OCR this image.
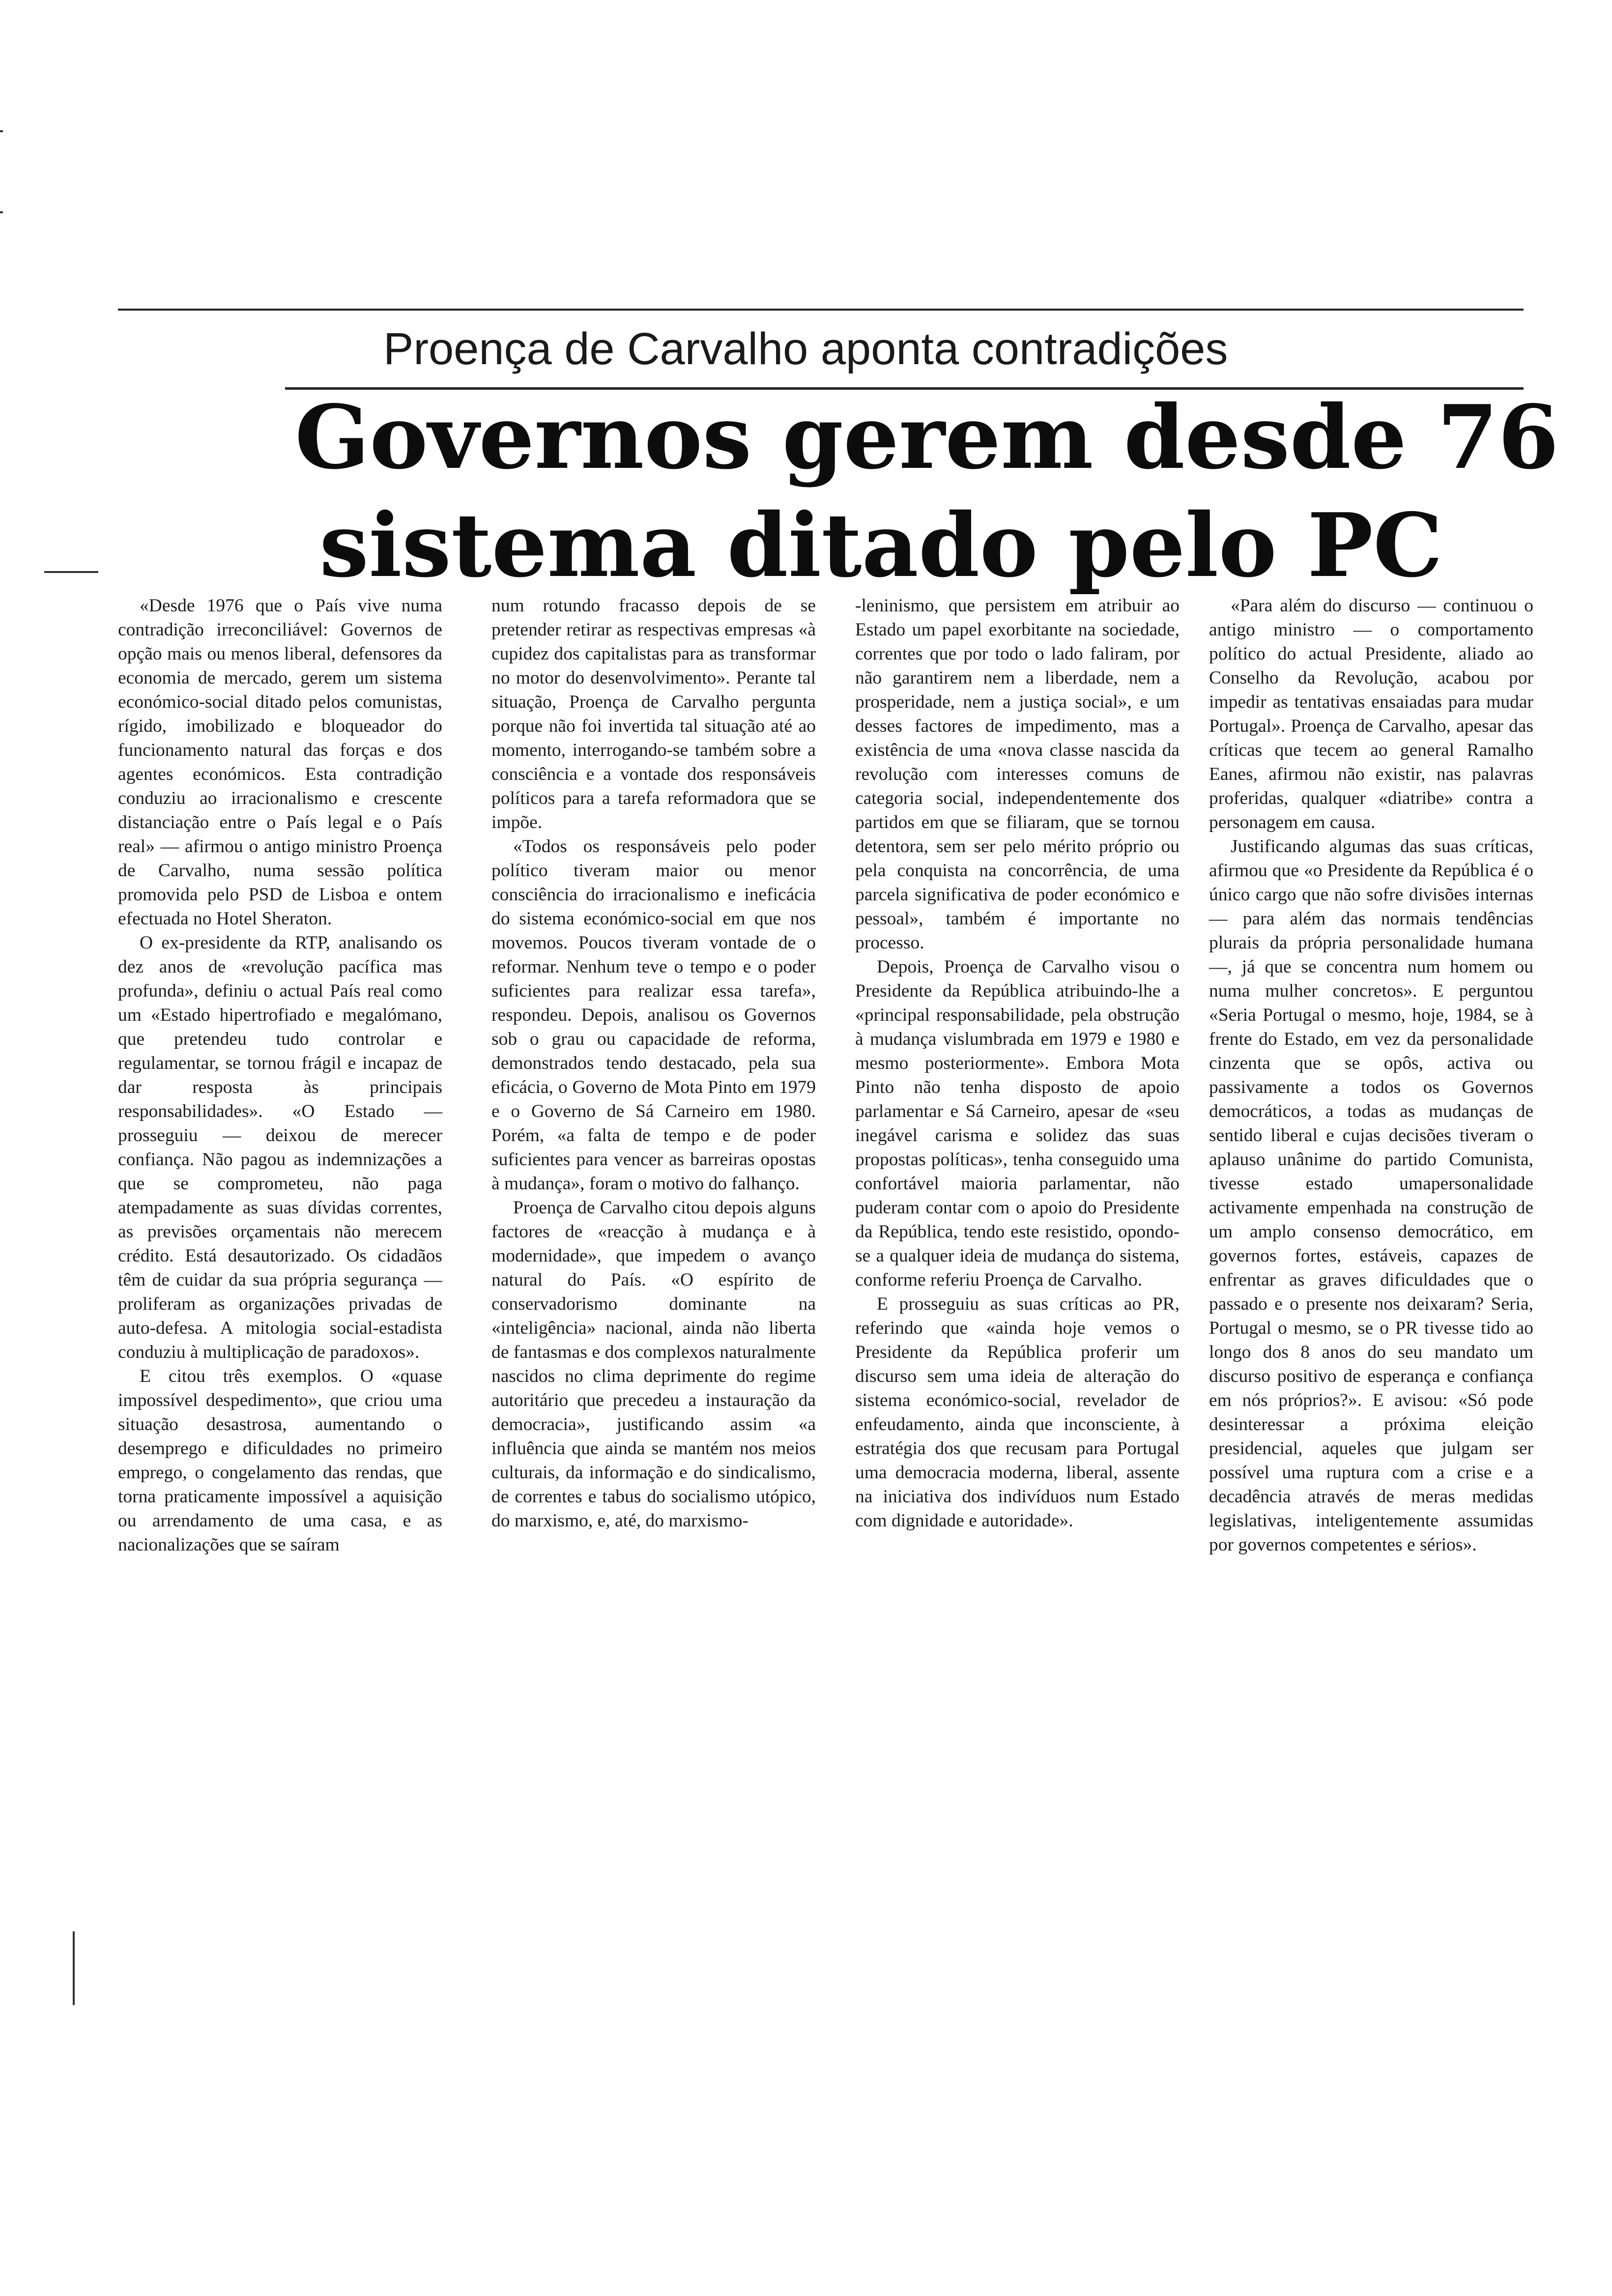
Proença de Carvalho aponta contradições
Governos gerem desde 76
sistema ditado pelo PC

«Desde 1976 que o País vive numa contradição irreconciliável: Governos de opção mais ou menos liberal, defensores da economia de mercado, gerem um sistema económico-social ditado pelos comunistas, rígido, imobilizado e bloqueador do funcionamento natural das forças e dos agentes económicos. Esta contradição conduziu ao irracionalismo e crescente distanciação entre o País legal e o País real» — afirmou o antigo ministro Proença de Carvalho, numa sessão política promovida pelo PSD de Lisboa e ontem efectuada no Hotel Sheraton.

O ex-presidente da RTP, analisando os dez anos de «revolução pacífica mas profunda», definiu o actual País real como um «Estado hipertrofiado e megalómano, que pretendeu tudo controlar e regulamentar, se tornou frágil e incapaz de dar resposta às principais responsabilidades». «O Estado — prosseguiu — deixou de merecer confiança. Não pagou as indemnizações a que se comprometeu, não paga atempadamente as suas dívidas correntes, as previsões orçamentais não merecem crédito. Está desautorizado. Os cidadãos têm de cuidar da sua própria segurança — proliferam as organizações privadas de auto-defesa. A mitologia social-estadista conduziu à multiplicação de paradoxos».

E citou três exemplos. O «quase impossível despedimento», que criou uma situação desastrosa, aumentando o desemprego e dificuldades no primeiro emprego, o congelamento das rendas, que torna praticamente impossível a aquisição ou arrendamento de uma casa, e as nacionalizações que se saíram

num rotundo fracasso depois de se pretender retirar as respectivas empresas «à cupidez dos capitalistas para as transformar no motor do desenvolvimento». Perante tal situação, Proença de Carvalho pergunta porque não foi invertida tal situação até ao momento, interrogando-se também sobre a consciência e a vontade dos responsáveis políticos para a tarefa reformadora que se impõe.

«Todos os responsáveis pelo poder político tiveram maior ou menor consciência do irracionalismo e ineficácia do sistema económico-social em que nos movemos. Poucos tiveram vontade de o reformar. Nenhum teve o tempo e o poder suficientes para realizar essa tarefa», respondeu. Depois, analisou os Governos sob o grau ou capacidade de reforma, demonstrados tendo destacado, pela sua eficácia, o Governo de Mota Pinto em 1979 e o Governo de Sá Carneiro em 1980. Porém, «a falta de tempo e de poder suficientes para vencer as barreiras opostas à mudança», foram o motivo do falhanço.

Proença de Carvalho citou depois alguns factores de «reacção à mudança e à modernidade», que impedem o avanço natural do País. «O espírito de conservadorismo dominante na «inteligência» nacional, ainda não liberta de fantasmas e dos complexos naturalmente nascidos no clima deprimente do regime autoritário que precedeu a instauração da democracia», justificando assim «a influência que ainda se mantém nos meios culturais, da informação e do sindicalismo, de correntes e tabus do socialismo utópico, do marxismo, e, até, do marxismo-

-leninismo, que persistem em atribuir ao Estado um papel exorbitante na sociedade, correntes que por todo o lado faliram, por não garantirem nem a liberdade, nem a prosperidade, nem a justiça social», e um desses factores de impedimento, mas a existência de uma «nova classe nascida da revolução com interesses comuns de categoria social, independentemente dos partidos em que se filiaram, que se tornou detentora, sem ser pelo mérito próprio ou pela conquista na concorrência, de uma parcela significativa de poder económico e pessoal», também é importante no processo.

Depois, Proença de Carvalho visou o Presidente da República atribuindo-lhe a «principal responsabilidade, pela obstrução à mudança vislumbrada em 1979 e 1980 e mesmo posteriormente». Embora Mota Pinto não tenha disposto de apoio parlamentar e Sá Carneiro, apesar de «seu inegável carisma e solidez das suas propostas políticas», tenha conseguido uma confortável maioria parlamentar, não puderam contar com o apoio do Presidente da República, tendo este resistido, opondo-se a qualquer ideia de mudança do sistema, conforme referiu Proença de Carvalho.

E prosseguiu as suas críticas ao PR, referindo que «ainda hoje vemos o Presidente da República proferir um discurso sem uma ideia de alteração do sistema económico-social, revelador de enfeudamento, ainda que inconsciente, à estratégia dos que recusam para Portugal uma democracia moderna, liberal, assente na iniciativa dos indivíduos num Estado com dignidade e autoridade».

«Para além do discurso — continuou o antigo ministro — o comportamento político do actual Presidente, aliado ao Conselho da Revolução, acabou por impedir as tentativas ensaiadas para mudar Portugal». Proença de Carvalho, apesar das críticas que tecem ao general Ramalho Eanes, afirmou não existir, nas palavras proferidas, qualquer «diatribe» contra a personagem em causa.

Justificando algumas das suas críticas, afirmou que «o Presidente da República é o único cargo que não sofre divisões internas — para além das normais tendências plurais da própria personalidade humana —, já que se concentra num homem ou numa mulher concretos». E perguntou «Seria Portugal o mesmo, hoje, 1984, se à frente do Estado, em vez da personalidade cinzenta que se opôs, activa ou passivamente a todos os Governos democráticos, a todas as mudanças de sentido liberal e cujas decisões tiveram o aplauso unânime do partido Comunista, tivesse estado umapersonalidade activamente empenhada na construção de um amplo consenso democrático, em governos fortes, estáveis, capazes de enfrentar as graves dificuldades que o passado e o presente nos deixaram? Seria, Portugal o mesmo, se o PR tivesse tido ao longo dos 8 anos do seu mandato um discurso positivo de esperança e confiança em nós próprios?». E avisou: «Só pode desinteressar a próxima eleição presidencial, aqueles que julgam ser possível uma ruptura com a crise e a decadência através de meras medidas legislativas, inteligentemente assumidas por governos competentes e sérios».
